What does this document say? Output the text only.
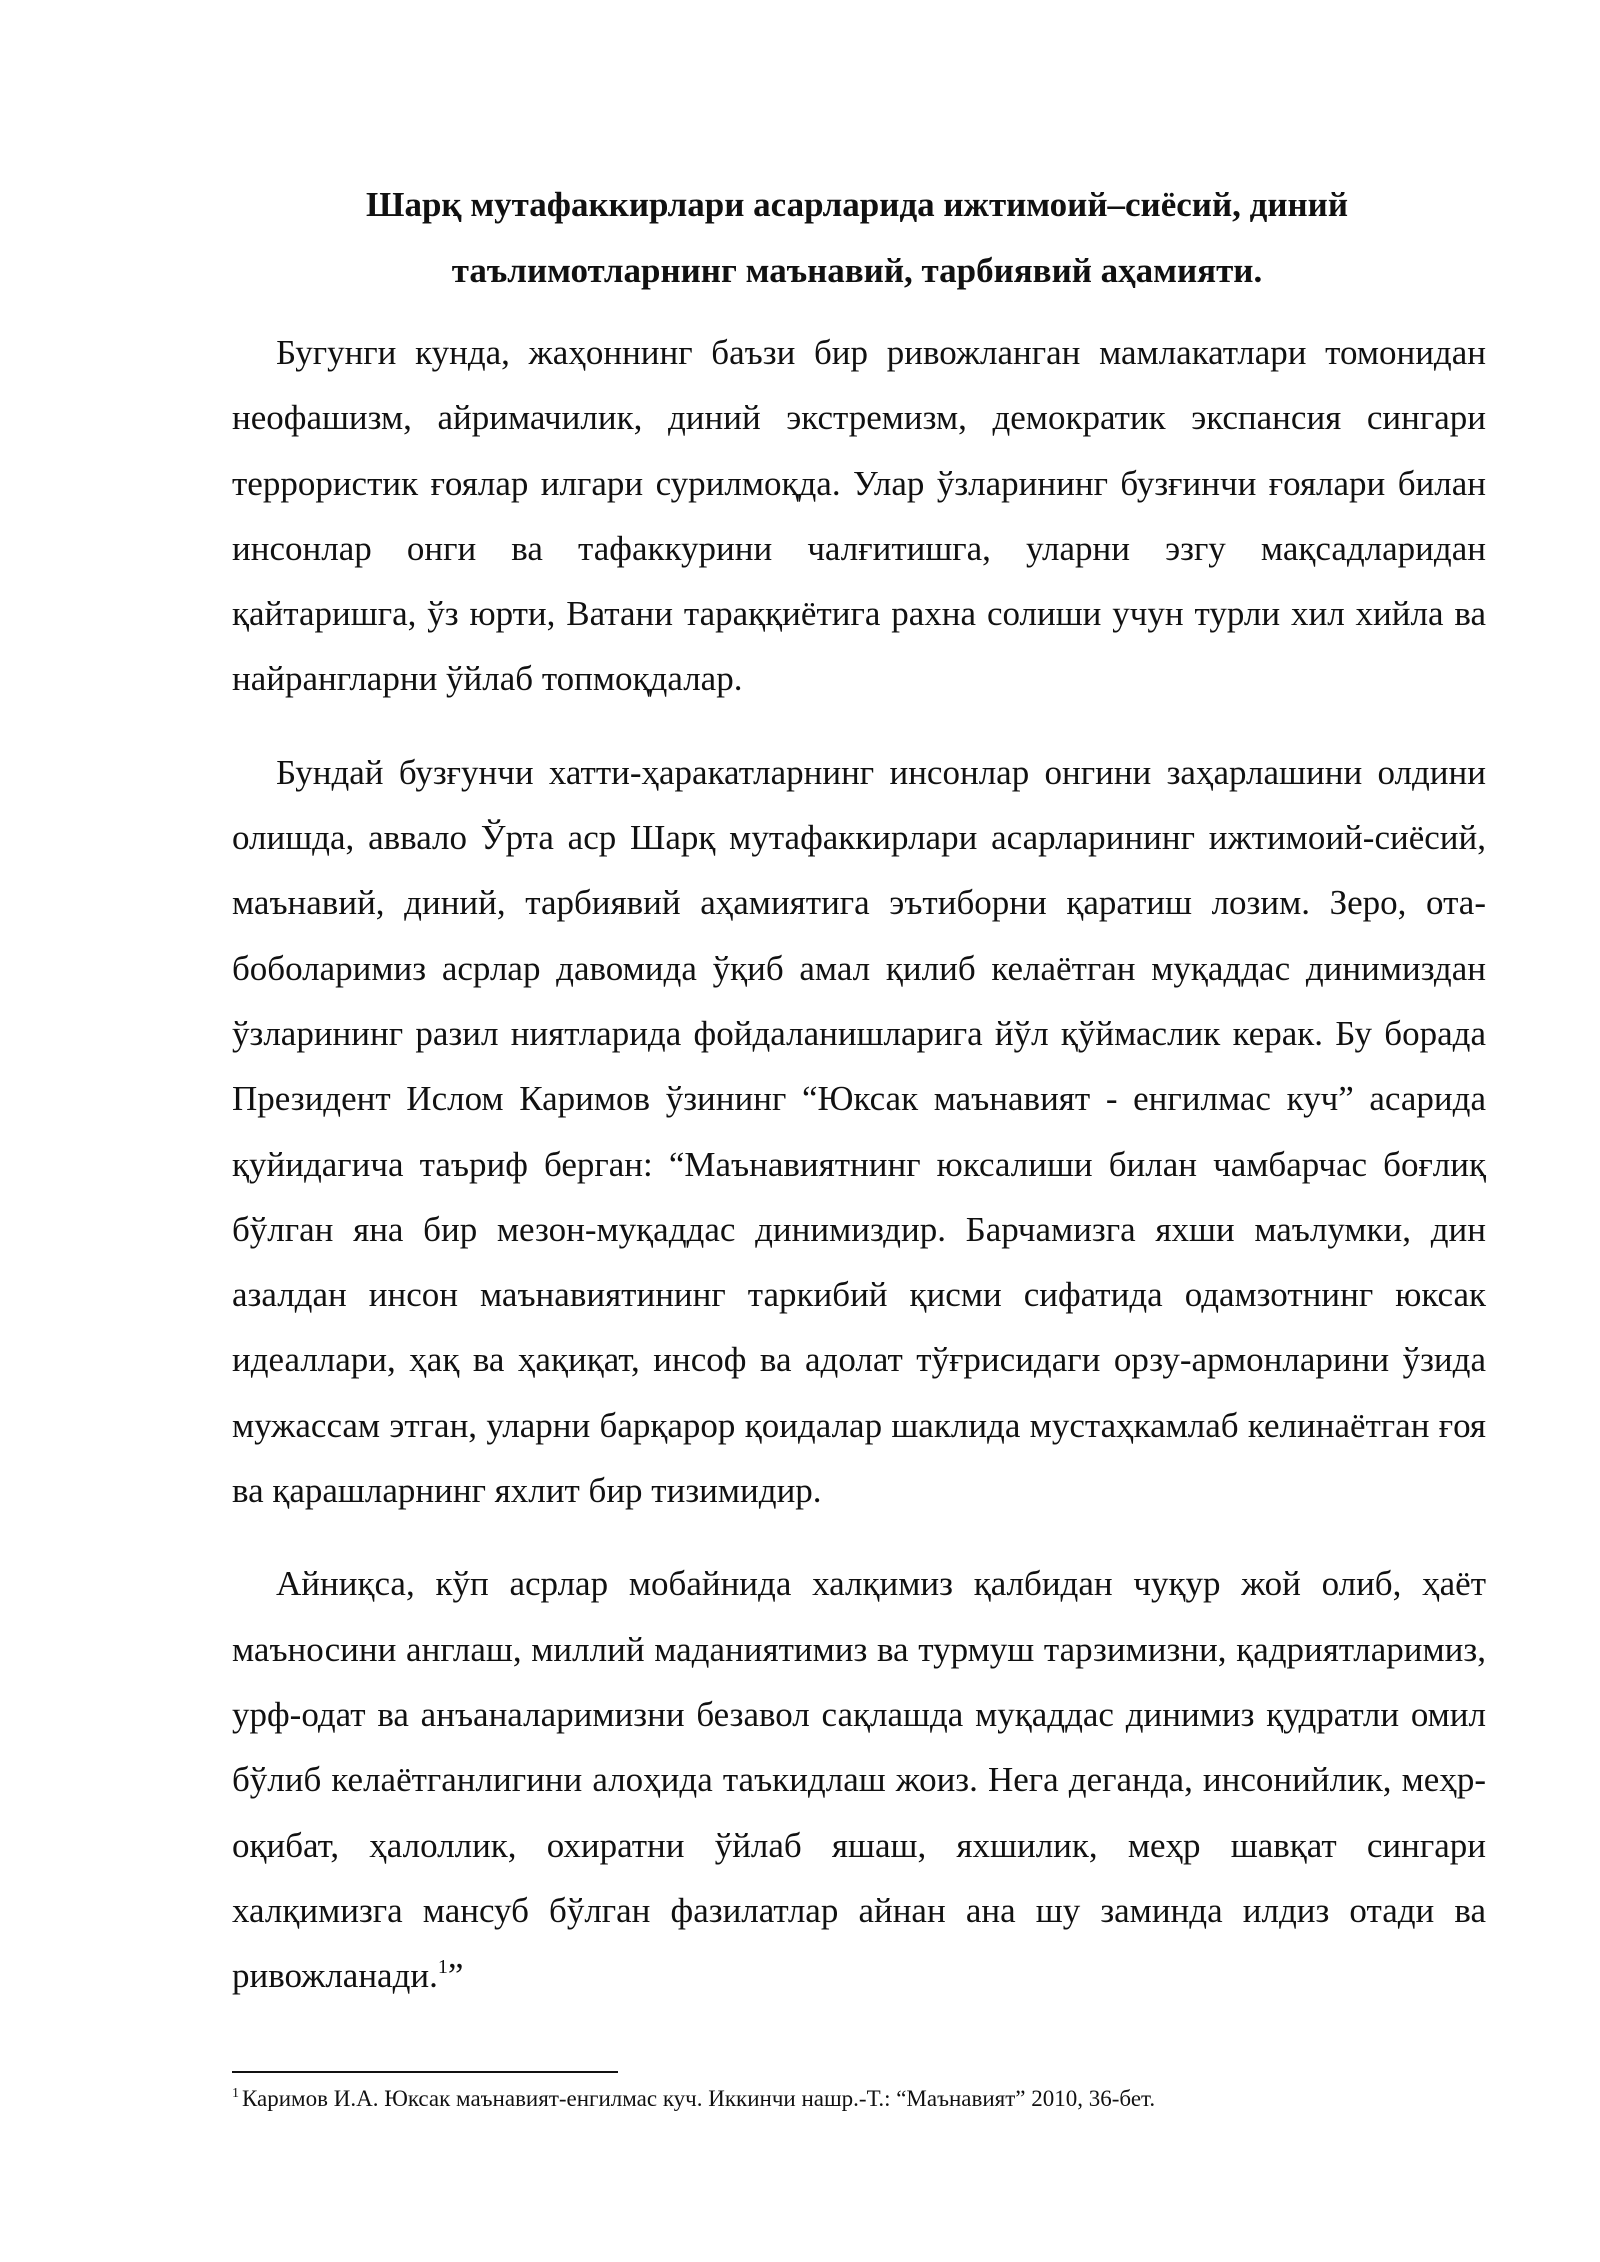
Шарқ мутафаккирлари асарларида ижтимоий–сиёсий, диний
таълимотларнинг маънавий, тарбиявий аҳамияти.

Бугунги кунда, жаҳоннинг баъзи бир ривожланган мамлакатлари томонидан неофашизм, айримачилик, диний экстремизм, демократик экспансия сингари террористик ғоялар илгари сурилмоқда. Улар ўзларининг бузғинчи ғоялари билан инсонлар онги ва тафаккурини чалғитишга, уларни эзгу мақсадларидан қайтаришга, ўз юрти, Ватани тараққиётига рахна солиши учун турли хил хийла ва найрангларни ўйлаб топмоқдалар.

Бундай бузғунчи хатти-ҳаракатларнинг инсонлар онгини заҳарлашини олдини олишда, аввало Ўрта аср Шарқ мутафаккирлари асарларининг ижтимоий-сиёсий, маънавий, диний, тарбиявий аҳамиятига эътиборни қаратиш лозим. Зеро, ота-боболаримиз асрлар давомида ўқиб амал қилиб келаётган муқаддас динимиздан ўзларининг разил ниятларида фойдаланишларига йўл қўймаслик керак. Бу борада Президент Ислом Каримов ўзининг “Юксак маънавият - енгилмас куч” асарида қуйидагича таъриф берган: “Маънавиятнинг юксалиши билан чамбарчас боғлиқ бўлган яна бир мезон-муқаддас динимиздир. Барчамизга яхши маълумки, дин азалдан инсон маънавиятининг таркибий қисми сифатида одамзотнинг юксак идеаллари, ҳақ ва ҳақиқат, инсоф ва адолат тўғрисидаги орзу-армонларини ўзида мужассам этган, уларни барқарор қоидалар шаклида мустаҳкамлаб келинаётган ғоя ва қарашларнинг яхлит бир тизимидир.

Айниқса, кўп асрлар мобайнида халқимиз қалбидан чуқур жой олиб, ҳаёт маъносини англаш, миллий маданиятимиз ва турмуш тарзимизни, қадриятларимиз, урф-одат ва анъаналаримизни безавол сақлашда муқаддас динимиз қудратли омил бўлиб келаётганлигини алоҳида таъкидлаш жоиз. Нега деганда, инсонийлик, меҳр-оқибат, ҳалоллик, охиратни ўйлаб яшаш, яхшилик, меҳр шавқат сингари халқимизга мансуб бўлган фазилатлар айнан ана шу заминда илдиз отади ва ривожланади.$^1$”

$^1$ Каримов И.А. Юксак маънавият-енгилмас куч. Иккинчи нашр.-Т.: “Маънавият” 2010, 36-бет.
